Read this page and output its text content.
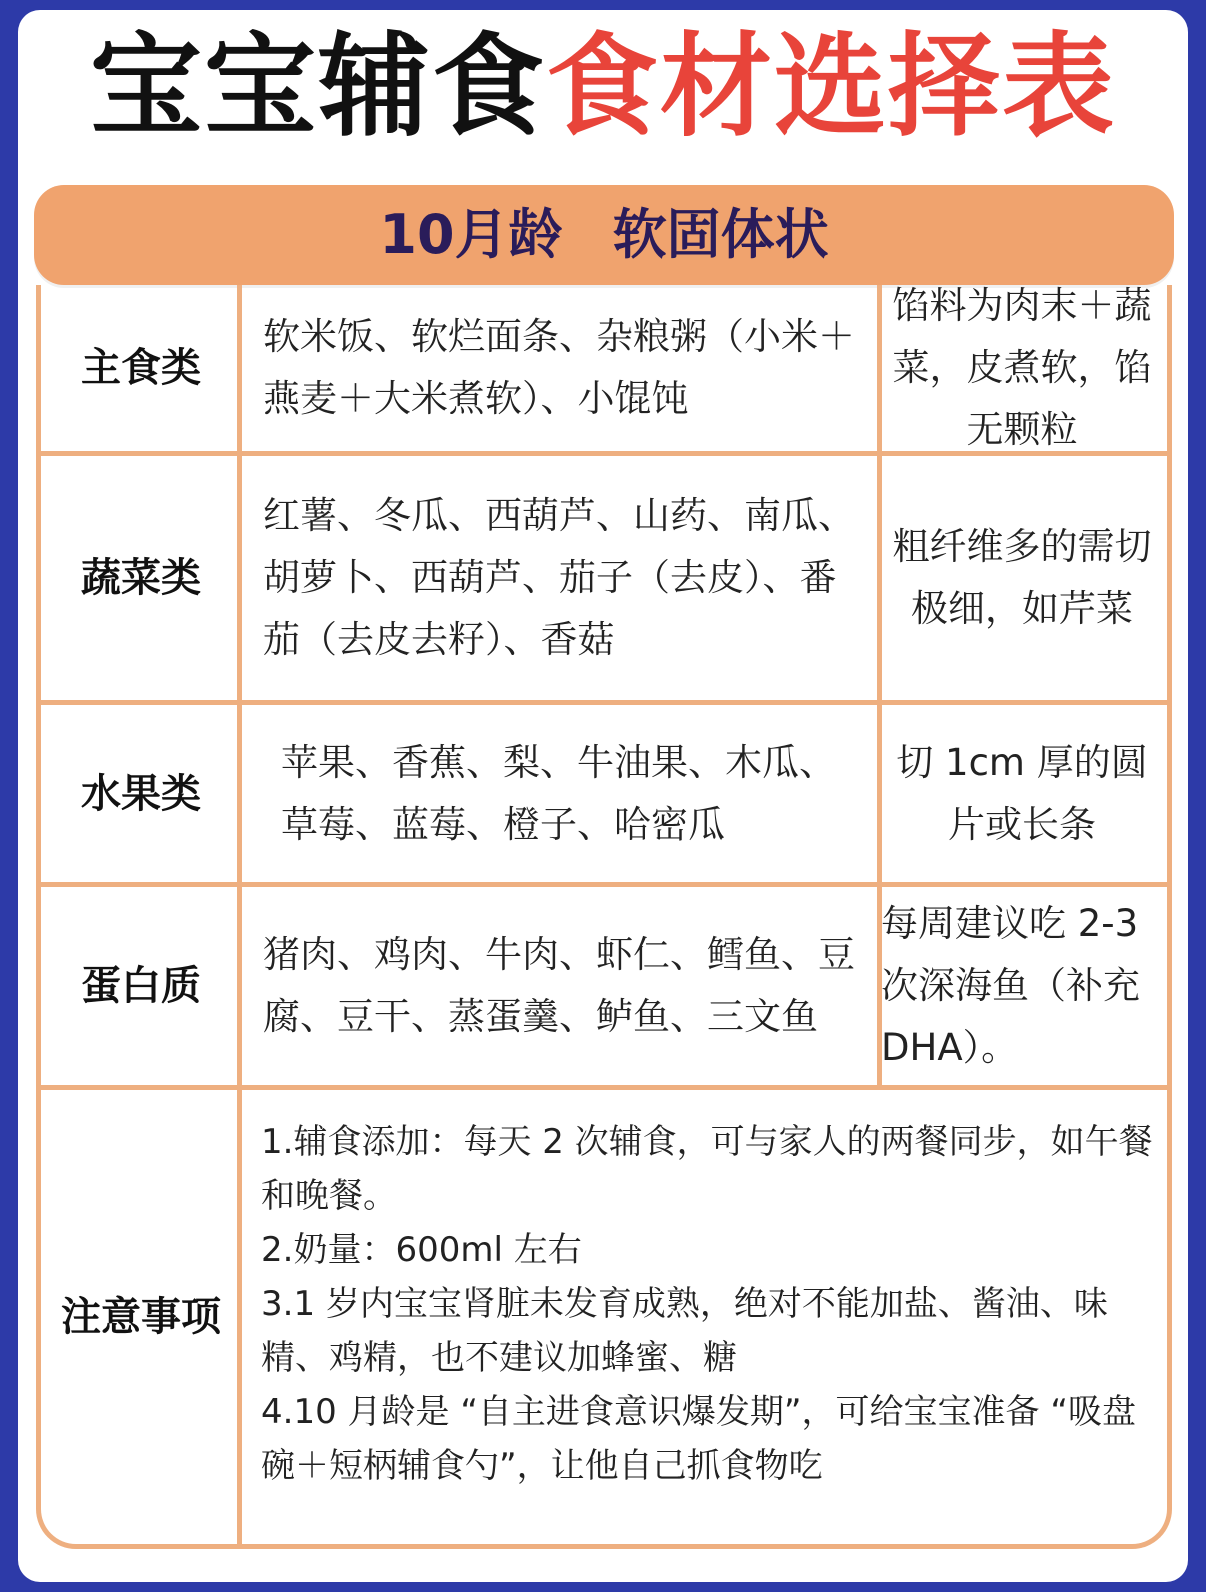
宝宝辅食食材选择表
10月龄 软固体状
主食类
软米饭、软烂面条、杂粮粥（小米＋燕麦＋大米煮软）、小馄饨
馅料为肉末＋蔬菜，皮煮软，馅无颗粒
蔬菜类
红薯、冬瓜、西葫芦、山药、南瓜、胡萝卜、西葫芦、茄子（去皮）、番茄（去皮去籽）、香菇
粗纤维多的需切极细，如芹菜
水果类
苹果、香蕉、梨、牛油果、木瓜、草莓、蓝莓、橙子、哈密瓜
切 1cm 厚的圆片或长条
蛋白质
猪肉、鸡肉、牛肉、虾仁、鳕鱼、豆腐、豆干、蒸蛋羹、鲈鱼、三文鱼
每周建议吃 2-3 次深海鱼（补充 DHA）。
注意事项

1.辅食添加：每天 2 次辅食，可与家人的两餐同步，如午餐和晚餐。

2.奶量：600ml 左右

3.1 岁内宝宝肾脏未发育成熟，绝对不能加盐、酱油、味精、鸡精，也不建议加蜂蜜、糖

4.10 月龄是 “自主进食意识爆发期”，可给宝宝准备 “吸盘碗＋短柄辅食勺”，让他自己抓食物吃
